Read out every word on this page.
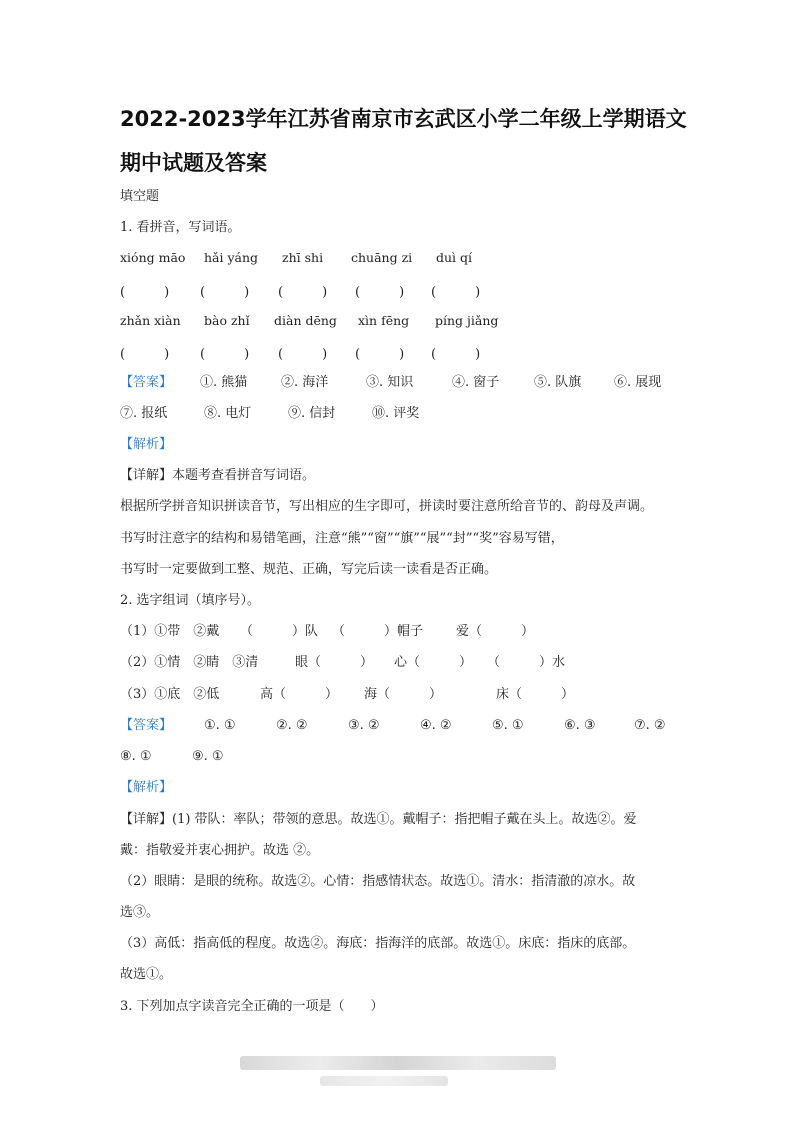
2022-2023学年江苏省南京市玄武区小学二年级上学期语文
期中试题及答案
填空题
1. 看拼音，写词语。
xióng māo hǎi yáng zhī shi chuāng zi duì qí
(　　　) (　　　) (　　　) (　　　) (　　　)
zhǎn xiàn bào zhǐ diàn dēng xìn fēng píng jiǎng
(　　　) (　　　) (　　　) (　　　) (　　　)
【答案】 ①. 熊猫	②. 海洋	③. 知识	④. 窗子	⑤. 队旗	⑥. 展现
⑦. 报纸	⑧. 电灯	⑨. 信封	⑩. 评奖
【解析】
【详解】本题考查看拼音写词语。
根据所学拼音知识拼读音节，写出相应的生字即可，拼读时要注意所给音节的、韵母及声调。
书写时注意字的结构和易错笔画，注意“熊”“窗”“旗”“展”“封”“奖”容易写错，
书写时一定要做到工整、规范、正确，写完后读一读看是否正确。
2. 选字组词（填序号）。
（1）①带　②戴 （　　　）队 （　　　）帽子	爱（　　　）
（2）①情　②睛　③清	眼（　　　） 心（　　　） （　　　）水
（3）①底　②低	高（　　　） 海（　　　）	床（　　　）
【答案】 ①. ①	②. ②	③. ②	④. ②	⑤. ①	⑥. ③	⑦. ②
⑧. ①	⑨. ①
【解析】
【详解】(1) 带队：率队；带领的意思。故选①。戴帽子：指把帽子戴在头上。故选②。爱
戴：指敬爱并衷心拥护。故选 ②。
（2）眼睛：是眼的统称。故选②。心情：指感情状态。故选①。清水：指清澈的凉水。故
选③。
（3）高低：指高低的程度。故选②。海底：指海洋的底部。故选①。床底：指床的底部。
故选①。
3. 下列加点字读音完全正确的一项是（　　）
